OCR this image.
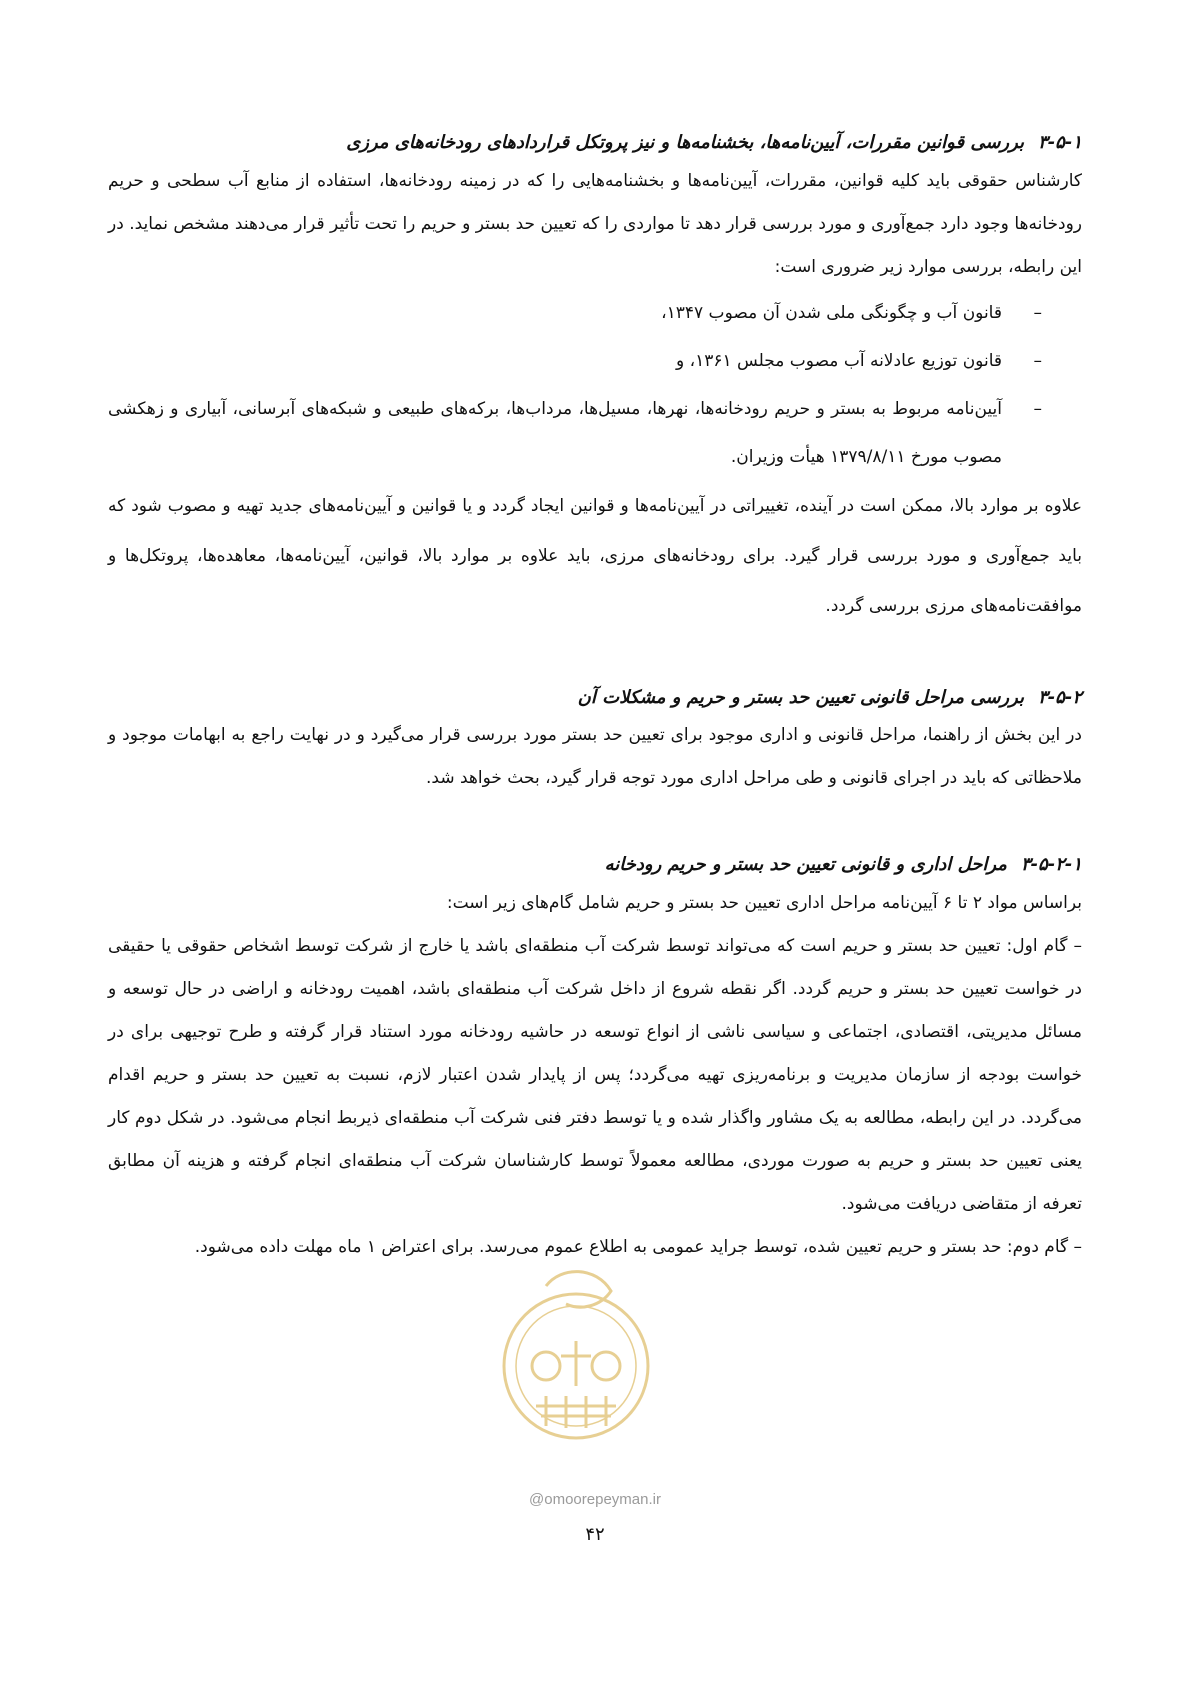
۳-۵-۱بررسی قوانین مقررات، آیین‌نامه‌ها، بخشنامه‌ها و نیز پروتکل قراردادهای رودخانه‌های مرزی

کارشناس حقوقی باید کلیه قوانین، مقررات، آیین‌نامه‌ها و بخشنامه‌هایی را که در زمینه رودخانه‌ها، استفاده از منابع آب سطحی و حریم رودخانه‌ها وجود دارد جمع‌آوری و مورد بررسی قرار دهد تا مواردی را که تعیین حد بستر و حریم را تحت تأثیر قرار می‌دهند مشخص نماید. در این رابطه، بررسی موارد زیر ضروری است:

–
قانون آب و چگونگی ملی شدن آن مصوب ۱۳۴۷،
–
قانون توزیع عادلانه آب مصوب مجلس ۱۳۶۱، و
–
آیین‌نامه مربوط به بستر و حریم رودخانه‌ها، نهرها، مسیل‌ها، مرداب‌ها، برکه‌های طبیعی و شبکه‌های آبرسانی، آبیاری و زهکشی مصوب مورخ ۱۳۷۹/۸/۱۱ هیأت وزیران.

علاوه بر موارد بالا، ممکن است در آینده، تغییراتی در آیین‌نامه‌ها و قوانین ایجاد گردد و یا قوانین و آیین‌نامه‌های جدید تهیه و مصوب شود که باید جمع‌آوری و مورد بررسی قرار گیرد. برای رودخانه‌های مرزی، باید علاوه بر موارد بالا، قوانین، آیین‌نامه‌ها، معاهده‌ها، پروتکل‌ها و موافقت‌نامه‌های مرزی بررسی گردد.

۳-۵-۲بررسی مراحل قانونی تعیین حد بستر و حریم و مشکلات آن

در این بخش از راهنما، مراحل قانونی و اداری موجود برای تعیین حد بستر مورد بررسی قرار می‌گیرد و در نهایت راجع به ابهامات موجود و ملاحظاتی که باید در اجرای قانونی و طی مراحل اداری مورد توجه قرار گیرد، بحث خواهد شد.

۳-۵-۲-۱مراحل اداری و قانونی تعیین حد بستر و حریم رودخانه

براساس مواد ۲ تا ۶ آیین‌نامه مراحل اداری تعیین حد بستر و حریم شامل گام‌های زیر است:

– گام اول: تعیین حد بستر و حریم است که می‌تواند توسط شرکت آب منطقه‌ای باشد یا خارج از شرکت توسط اشخاص حقوقی یا حقیقی در خواست تعیین حد بستر و حریم گردد. اگر نقطه شروع از داخل شرکت آب منطقه‌ای باشد، اهمیت رودخانه و اراضی در حال توسعه و مسائل مدیریتی، اقتصادی، اجتماعی و سیاسی ناشی از انواع توسعه در حاشیه رودخانه مورد استناد قرار گرفته و طرح توجیهی برای در خواست بودجه از سازمان مدیریت و برنامه‌ریزی تهیه می‌گردد؛ پس از پایدار شدن اعتبار لازم، نسبت به تعیین حد بستر و حریم اقدام می‌گردد. در این رابطه، مطالعه به یک مشاور واگذار شده و یا توسط دفتر فنی شرکت آب منطقه‌ای ذیربط انجام می‌شود. در شکل دوم کار یعنی تعیین حد بستر و حریم به صورت موردی، مطالعه معمولاً توسط کارشناسان شرکت آب منطقه‌ای انجام گرفته و هزینه آن مطابق تعرفه از متقاضی دریافت می‌شود.

– گام دوم: حد بستر و حریم تعیین شده، توسط جراید عمومی به اطلاع عموم می‌رسد. برای اعتراض ۱ ماه مهلت داده می‌شود.

@omoorepeyman.ir
۴۲
